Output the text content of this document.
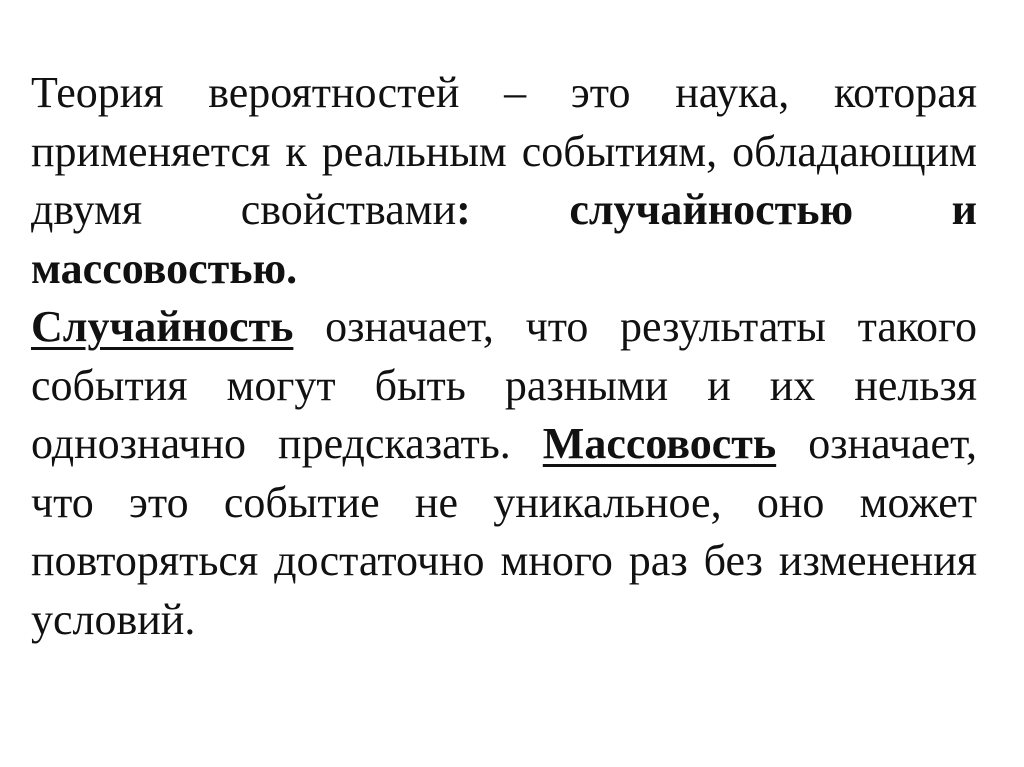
Теория вероятностей – это наука, которая применяется к реальным событиям, обладающим двумя свойствами: случайностью и массовостью.
Случайность означает, что результаты такого события могут быть разными и их нельзя однозначно предсказать. Массовость означает, что это событие не уникальное, оно может повторяться достаточно много раз без изменения условий.
